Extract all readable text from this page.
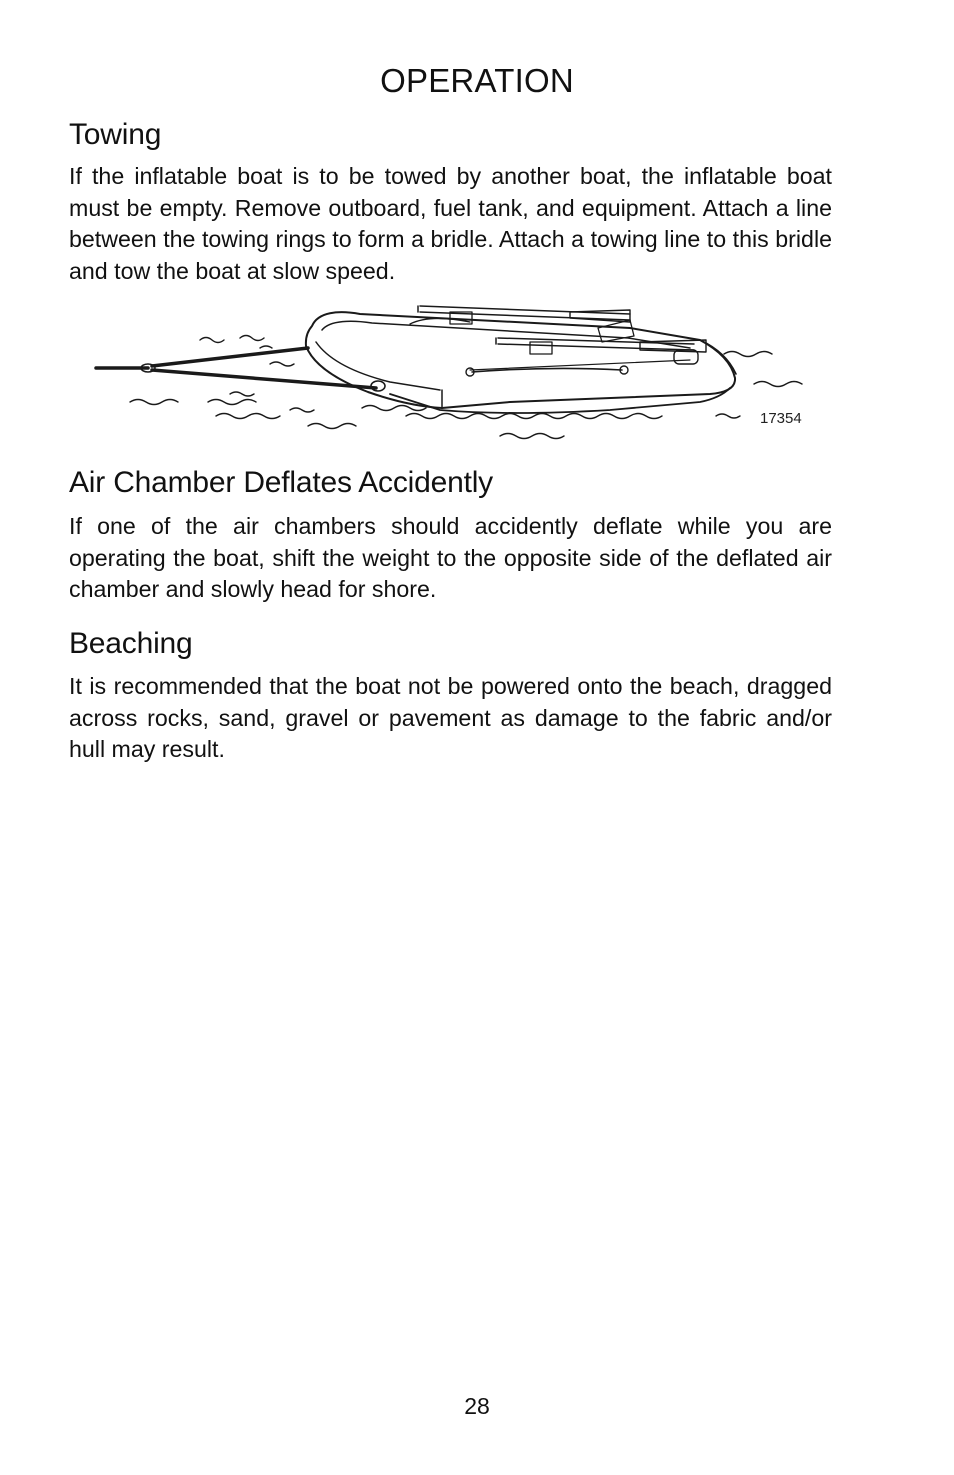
OPERATION
Towing

If the inflatable boat is to be towed by another boat, the inflatable boat must be empty. Remove outboard, fuel tank, and equipment. Attach a line between the towing rings to form a bridle. Attach a towing line to this bridle and tow the boat at slow speed.

17354
Air Chamber Deflates Accidently

If one of the air chambers should accidently deflate while you are operating the boat, shift the weight to the opposite side of the deflated air chamber and slowly head for shore.

Beaching

It is recommended that the boat not be powered onto the beach, dragged across rocks, sand, gravel or pavement as damage to the fabric and/or hull may result.

28
